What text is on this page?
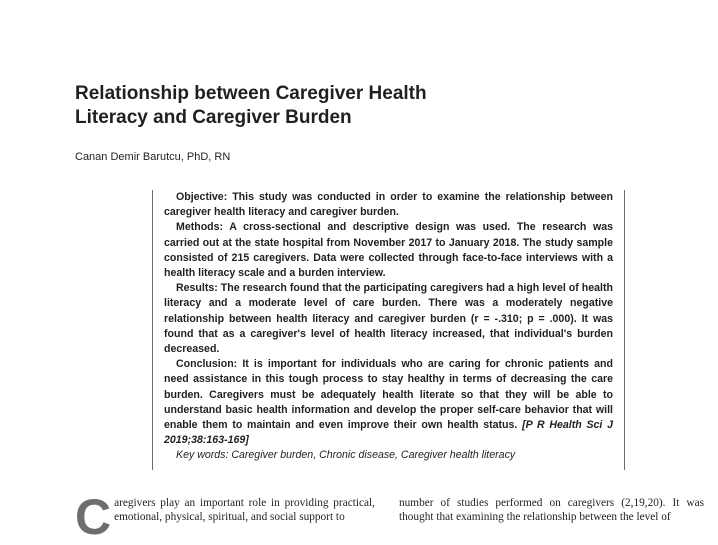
Relationship between Caregiver Health Literacy and Caregiver Burden
Canan Demir Barutcu, PhD, RN

Objective: This study was conducted in order to examine the relationship between caregiver health literacy and caregiver burden.

Methods: A cross-sectional and descriptive design was used. The research was carried out at the state hospital from November 2017 to January 2018. The study sample consisted of 215 caregivers. Data were collected through face-to-face interviews with a health literacy scale and a burden interview.

Results: The research found that the participating caregivers had a high level of health literacy and a moderate level of care burden. There was a moderately negative relationship between health literacy and caregiver burden (r = -.310; p = .000). It was found that as a caregiver's level of health literacy increased, that individual's burden decreased.

Conclusion: It is important for individuals who are caring for chronic patients and need assistance in this tough process to stay healthy in terms of decreasing the care burden. Caregivers must be adequately health literate so that they will be able to understand basic health information and develop the proper self-care behavior that will enable them to maintain and even improve their own health status. [P R Health Sci J 2019;38:163-169]

Key words: Caregiver burden, Chronic disease, Caregiver health literacy

Caregivers play an important role in providing practical, emotional, physical, spiritual, and social support to
number of studies performed on caregivers (2,19,20). It was thought that examining the relationship between the level of
